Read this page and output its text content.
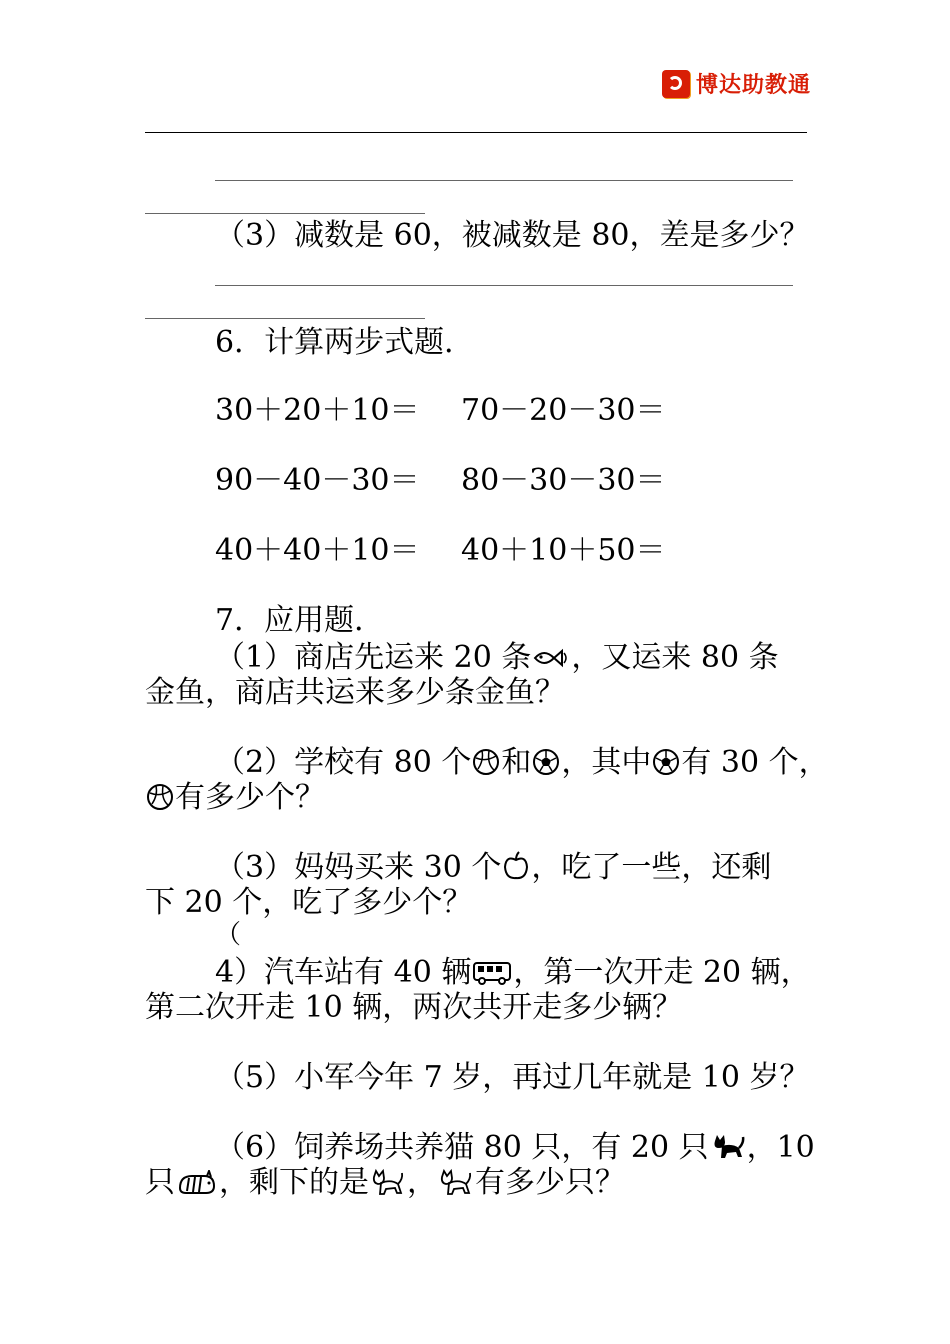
博达助教通
（3）减数是 60，被减数是 80，差是多少？
6．计算两步式题．
30＋20＋10＝ 70－20－30＝
90－40－30＝ 80－30－30＝
40＋40＋10＝ 40＋10＋50＝
7．应用题．
（1）商店先运来 20 条 ，又运来 80 条
金鱼，商店共运来多少条金鱼？
（2）学校有 80 个 和 ，其中 有 30 个，
有多少个？
（3）妈妈买来 30 个 ，吃了一些，还剩
下 20 个，吃了多少个？
（
4）汽车站有 40 辆 ，第一次开走 20 辆，
第二次开走 10 辆，两次共开走多少辆？
（5）小军今年 7 岁，再过几年就是 10 岁？
（6）饲养场共养猫 80 只，有 20 只 ，10
只 ，剩下的是 ， 有多少只？
